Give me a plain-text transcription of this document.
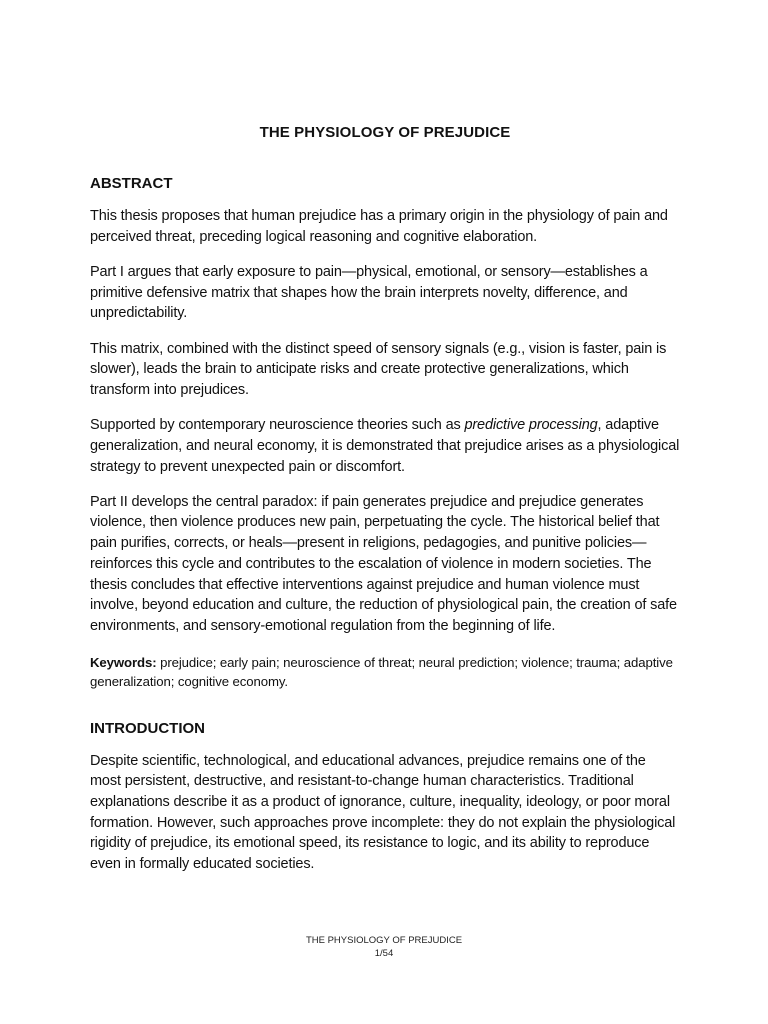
THE PHYSIOLOGY OF PREJUDICE
ABSTRACT

This thesis proposes that human prejudice has a primary origin in the physiology of pain and perceived threat, preceding logical reasoning and cognitive elaboration.

Part I argues that early exposure to pain—physical, emotional, or sensory—establishes a primitive defensive matrix that shapes how the brain interprets novelty, difference, and unpredictability.

This matrix, combined with the distinct speed of sensory signals (e.g., vision is faster, pain is slower), leads the brain to anticipate risks and create protective generalizations, which transform into prejudices.

Supported by contemporary neuroscience theories such as predictive processing, adaptive generalization, and neural economy, it is demonstrated that prejudice arises as a physiological strategy to prevent unexpected pain or discomfort.

Part II develops the central paradox: if pain generates prejudice and prejudice generates violence, then violence produces new pain, perpetuating the cycle. The historical belief that pain purifies, corrects, or heals—present in religions, pedagogies, and punitive policies—reinforces this cycle and contributes to the escalation of violence in modern societies. The thesis concludes that effective interventions against prejudice and human violence must involve, beyond education and culture, the reduction of physiological pain, the creation of safe environments, and sensory-emotional regulation from the beginning of life.

Keywords: prejudice; early pain; neuroscience of threat; neural prediction; violence; trauma; adaptive generalization; cognitive economy.

INTRODUCTION

Despite scientific, technological, and educational advances, prejudice remains one of the most persistent, destructive, and resistant-to-change human characteristics. Traditional explanations describe it as a product of ignorance, culture, inequality, ideology, or poor moral formation. However, such approaches prove incomplete: they do not explain the physiological rigidity of prejudice, its emotional speed, its resistance to logic, and its ability to reproduce even in formally educated societies.

THE PHYSIOLOGY OF PREJUDICE
1/54
